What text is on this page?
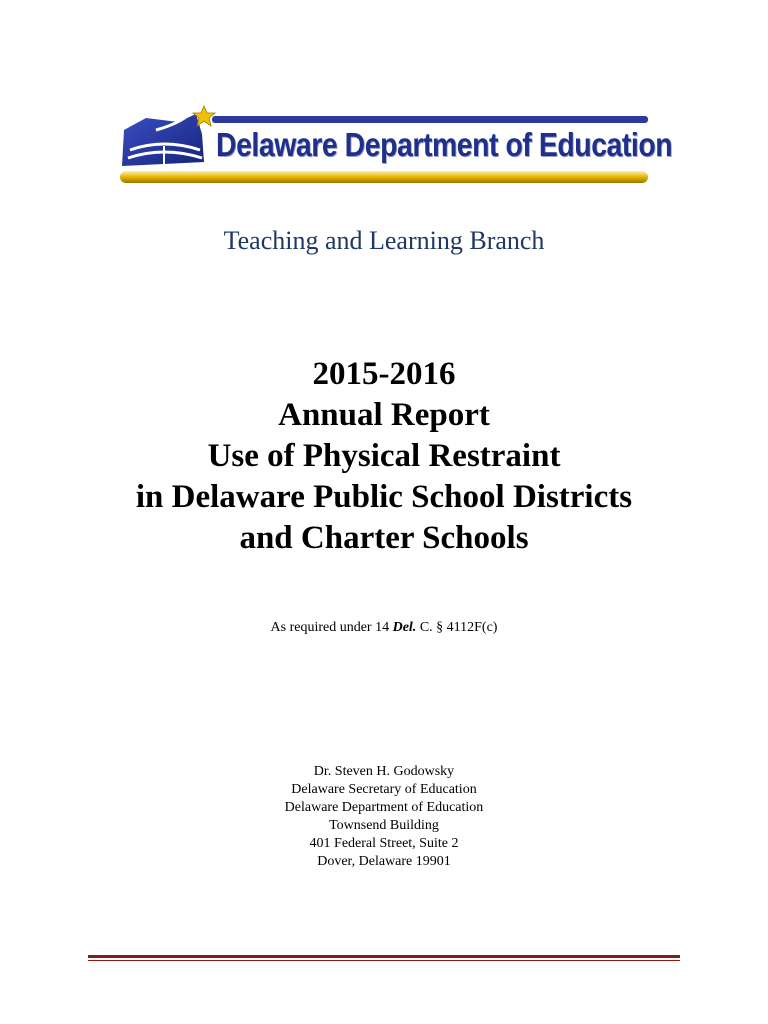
Delaware Department of Education
Teaching and Learning Branch
2015-2016
Annual Report
Use of Physical Restraint
in Delaware Public School Districts
and Charter Schools
As required under 14 Del. C. § 4112F(c)
Dr. Steven H. Godowsky
Delaware Secretary of Education
Delaware Department of Education
Townsend Building
401 Federal Street, Suite 2
Dover, Delaware 19901
